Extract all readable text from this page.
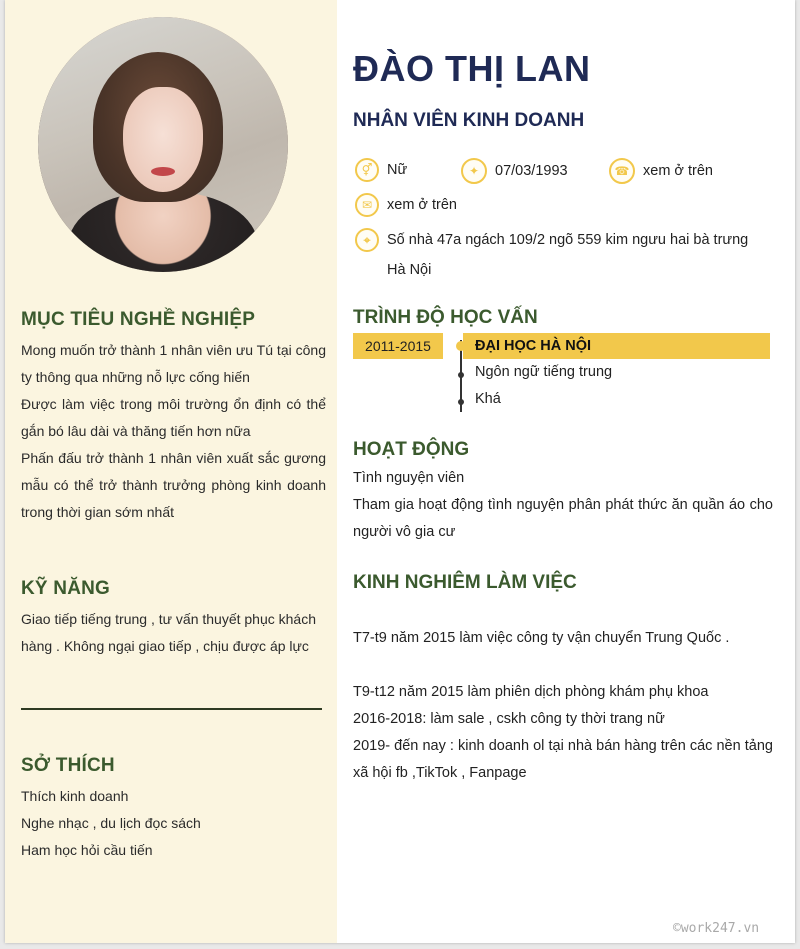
MỤC TIÊU NGHỀ NGHIỆP

Mong muốn trở thành 1 nhân viên ưu Tú tại công ty thông qua những nỗ lực cống hiến

Được làm việc trong môi trường ổn định có thể gắn bó lâu dài và thăng tiến hơn nữa

Phấn đấu trở thành 1 nhân viên xuất sắc gương mẫu có thể trở thành trưởng phòng kinh doanh trong thời gian sớm nhất

KỸ NĂNG

Giao tiếp tiếng trung , tư vấn thuyết phục khách hàng . Không ngại giao tiếp , chịu được áp lực

SỞ THÍCH

Thích kinh doanh

Nghe nhạc , du lịch đọc sách

Ham học hỏi cầu tiến

ĐÀO THỊ LAN
NHÂN VIÊN KINH DOANH
⚥	Nữ	✦	07/03/1993	☎ xem ở trên
✉	xem ở trên
⌖	Số nhà 47a ngách 109/2 ngõ 559 kim ngưu hai bà trưng
Hà Nội
TRÌNH ĐỘ HỌC VẤN
2011-2015	ĐẠI HỌC HÀ NỘI
Ngôn ngữ tiếng trung
Khá
HOẠT ĐỘNG
Tình nguyện viên
Tham gia hoạt động tình nguyện phân phát thức ăn quần áo cho người vô gia cư
KINH NGHIÊM LÀM VIỆC
T7-t9 năm 2015 làm việc công ty vận chuyển Trung Quốc .
T9-t12 năm 2015 làm phiên dịch phòng khám phụ khoa
2016-2018: làm sale , cskh công ty thời trang nữ
2019- đến nay : kinh doanh ol tại nhà bán hàng trên các nền tảng xã hội fb ,TikTok , Fanpage
©work247.vn
